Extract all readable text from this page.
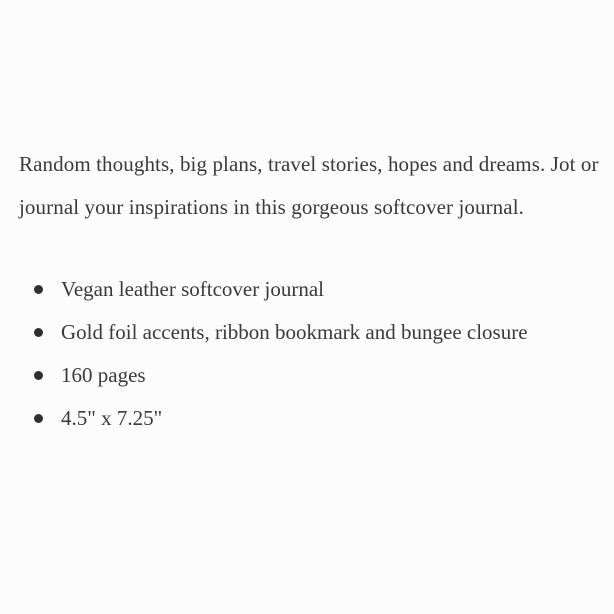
Random thoughts, big plans, travel stories, hopes and dreams. Jot or journal your inspirations in this gorgeous softcover journal.

Vegan leather softcover journal
Gold foil accents, ribbon bookmark and bungee closure
160 pages
4.5" x 7.25"
